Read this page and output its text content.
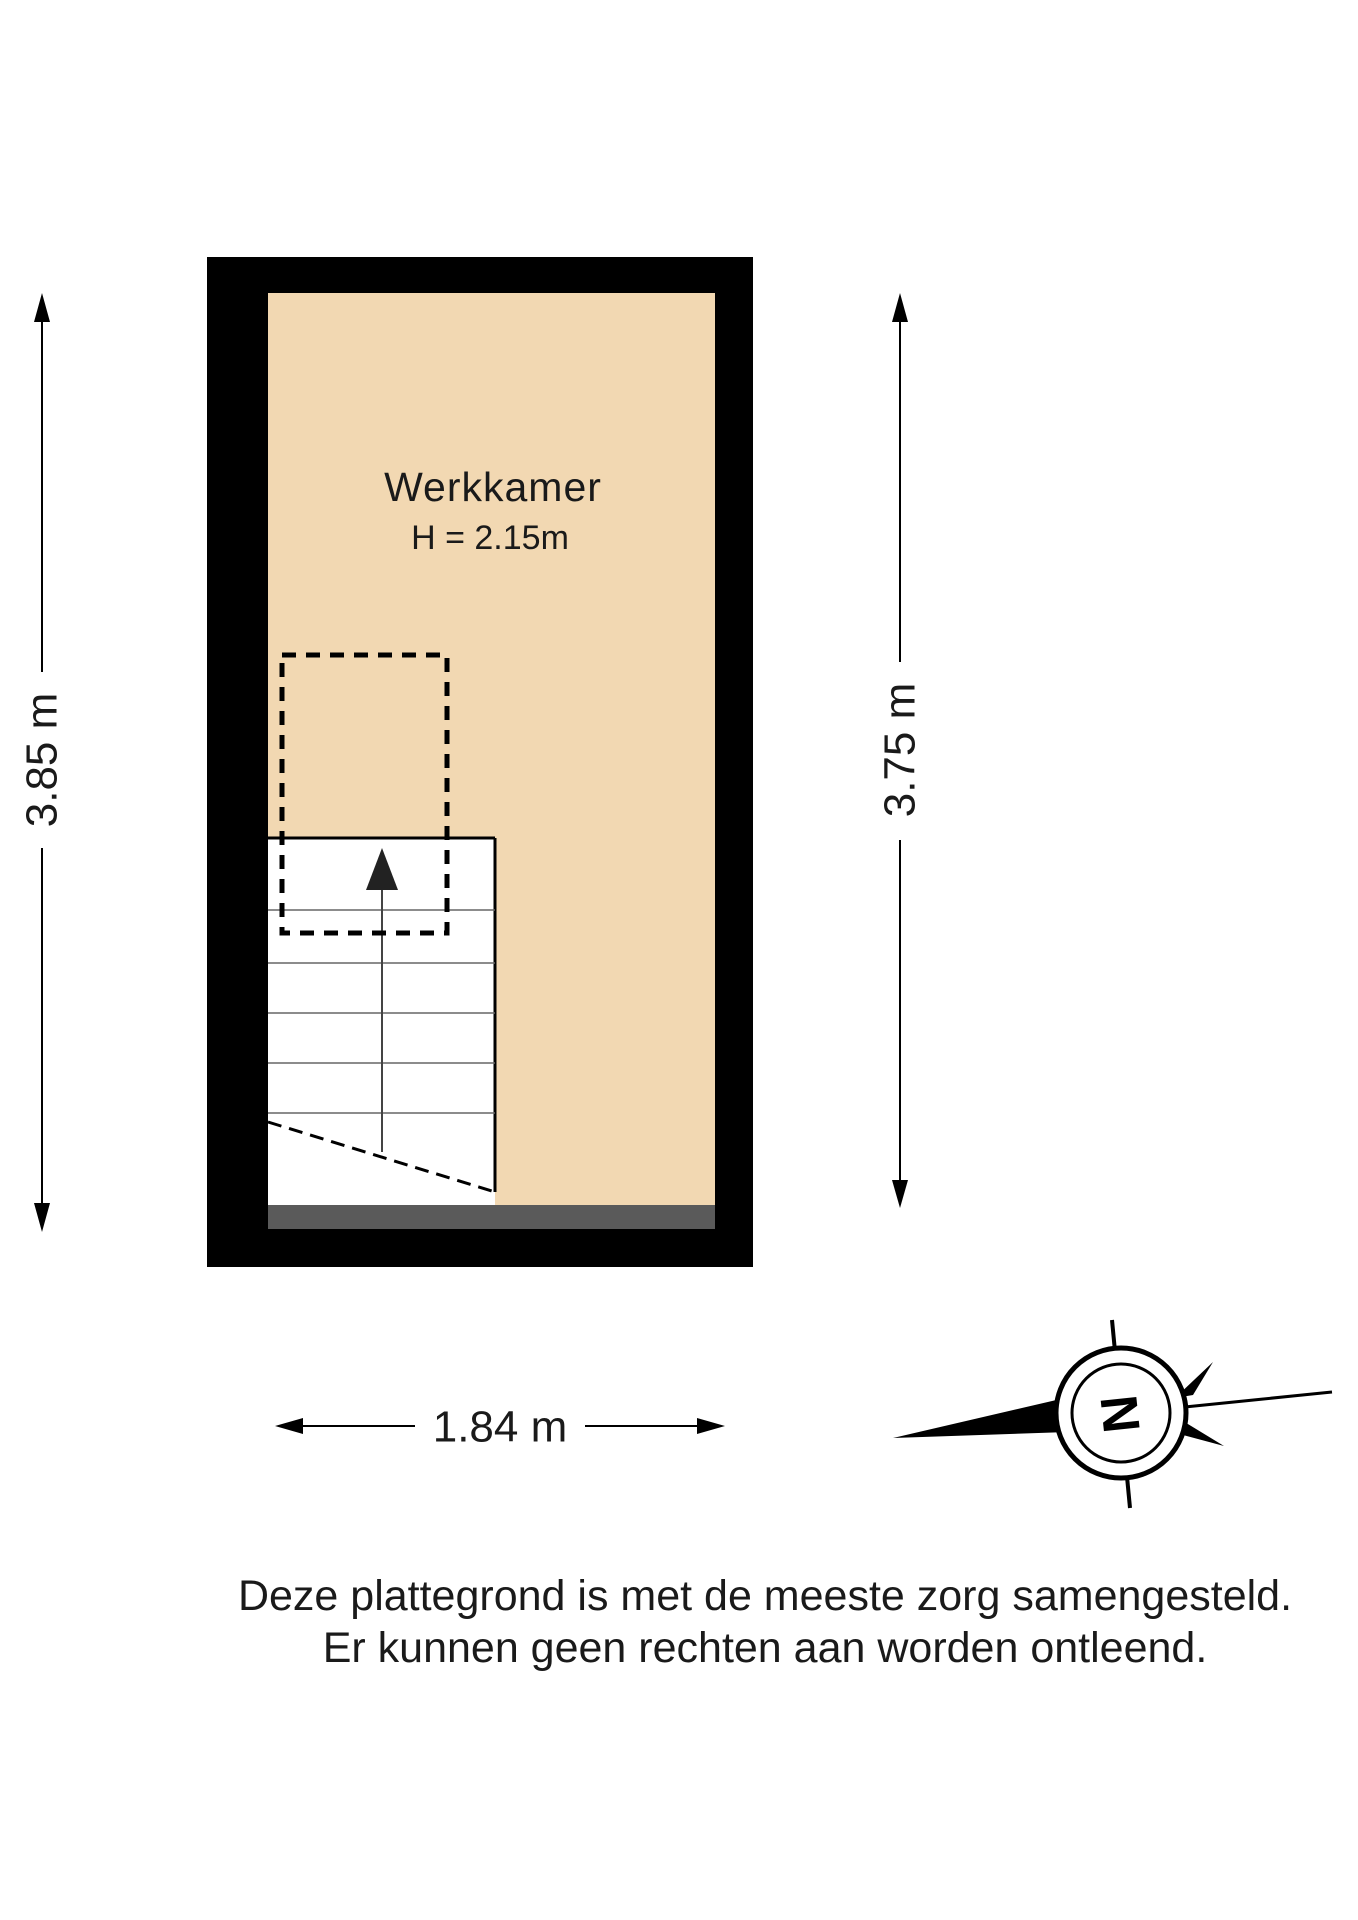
Werkkamer
H = 2.15m
3.85 m	3.75 m
1.84 m	N
Deze plattegrond is met de meeste zorg samengesteld.
Er kunnen geen rechten aan worden ontleend.
